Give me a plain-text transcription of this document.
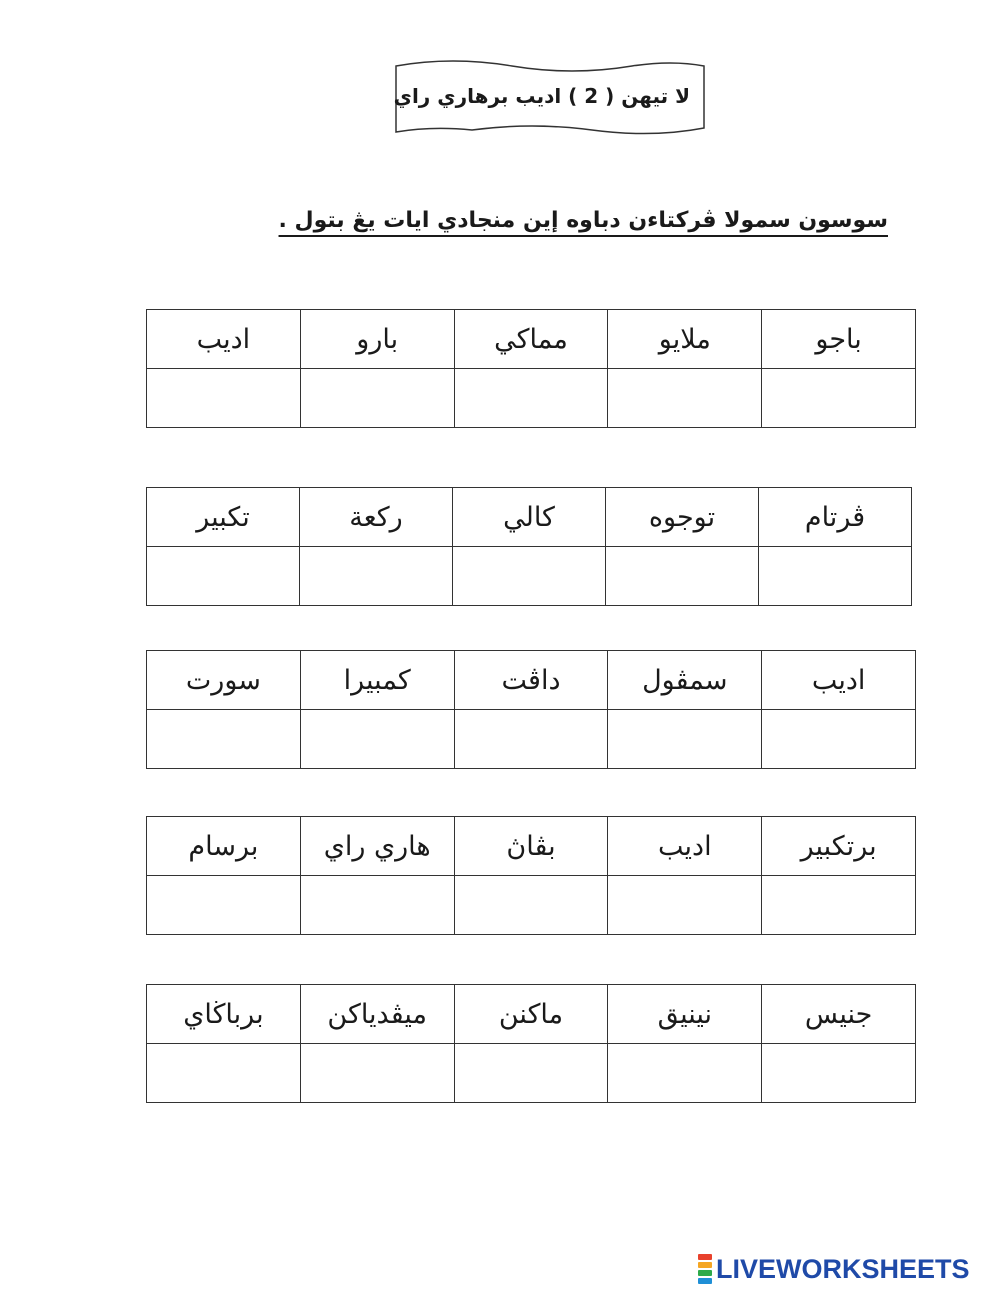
لا تيهن ( 2 ) اديب برهاري راي
سوسون سمولا ڤركتاءن دباوه إين منجادي ايات يڠ بتول .
باجو	ملايو	مماكي	بارو	اديب

ڤرتام	توجوه	كالي	ركعة	تكبير

اديب	سمڤول	داڤت	كمبيرا	سورت

برتكبير	اديب	بڤاڽ	هاري راي	برسام

جنيس	نينيق	ماكنن	ميڤدياكن	برباڬاي

LIVEWORKSHEETS
